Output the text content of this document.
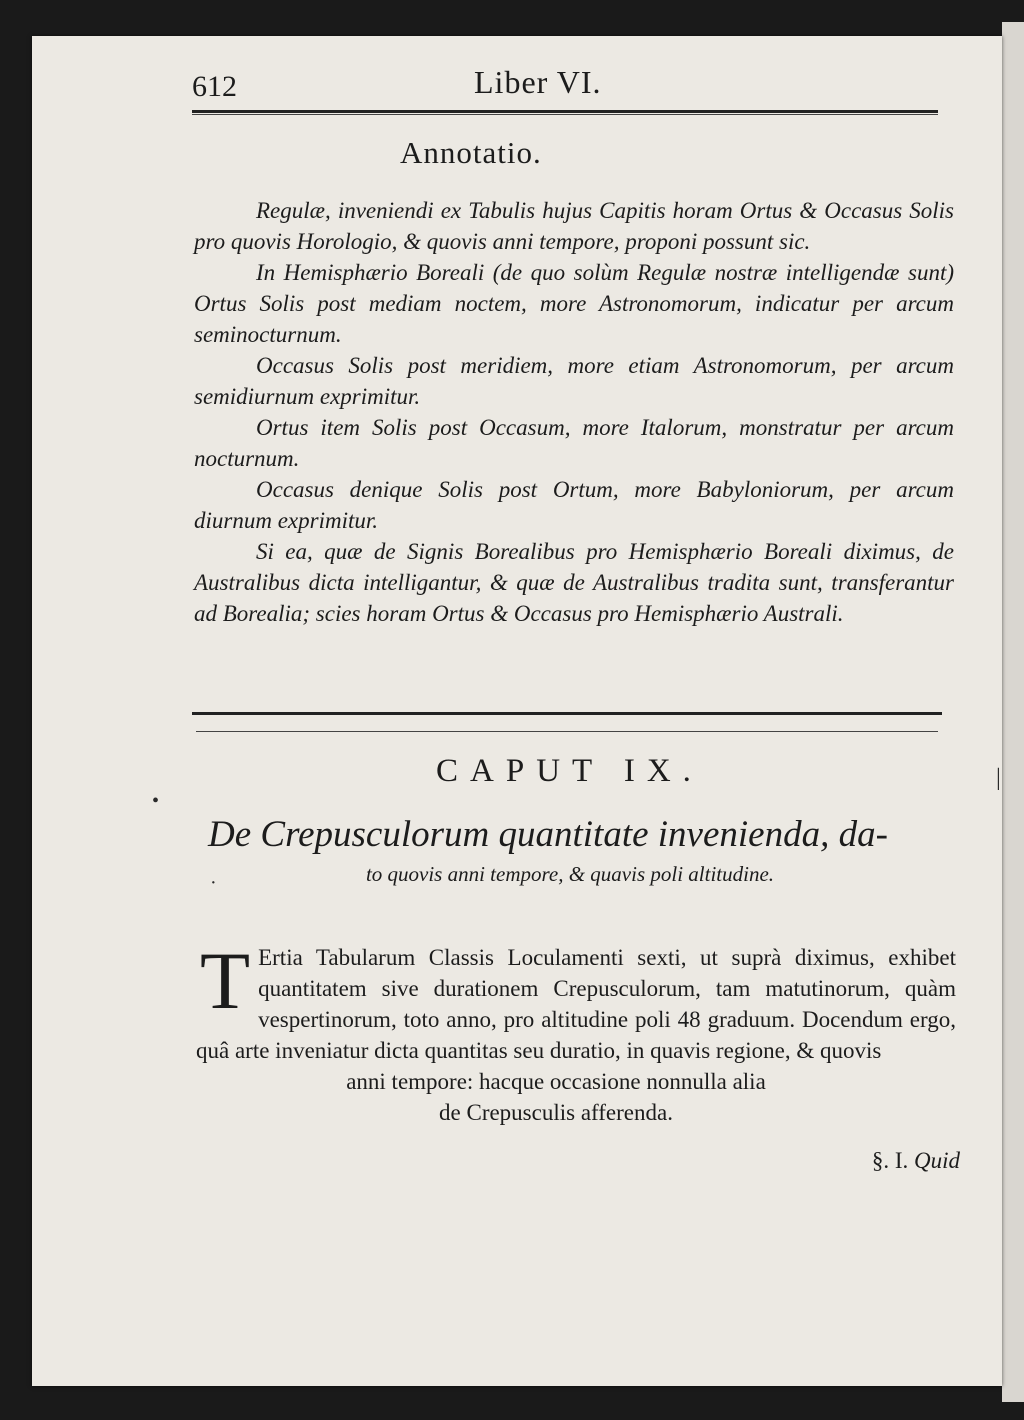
612	Liber VI.
Annotatio.

Regulæ, inveniendi ex Tabulis hujus Capitis horam Ortus & Occasus Solis pro quovis Horologio, & quovis anni tempore, proponi possunt sic.

In Hemisphærio Boreali (de quo solùm Regulæ nostræ intelligendæ sunt) Ortus Solis post mediam noctem, more Astronomorum, indicatur per arcum seminocturnum.

Occasus Solis post meridiem, more etiam Astronomorum, per arcum semidiurnum exprimitur.

Ortus item Solis post Occasum, more Italorum, monstratur per arcum nocturnum.

Occasus denique Solis post Ortum, more Babyloniorum, per arcum diurnum exprimitur.

Si ea, quæ de Signis Borealibus pro Hemisphærio Boreali diximus, de Australibus dicta intelligantur, & quæ de Australibus tradita sunt, transferantur ad Borealia; scies horam Ortus & Occasus pro Hemisphærio Australi.

CAPUT IX.
De Crepusculorum quantitate invenienda, da-
to quovis anni tempore, & quavis poli altitudine.
T Ertia Tabularum Classis Loculamenti sexti, ut suprà diximus, exhibet quantitatem sive durationem Crepusculorum, tam matutinorum, quàm vespertinorum, toto anno, pro altitudine poli 48 graduum. Docendum ergo, quâ arte inveniatur dicta quantitas seu duratio, in quavis regione, & quovis
anni tempore: hacque occasione nonnulla alia
de Crepusculis afferenda.
§. I. Quid
•
·
|
